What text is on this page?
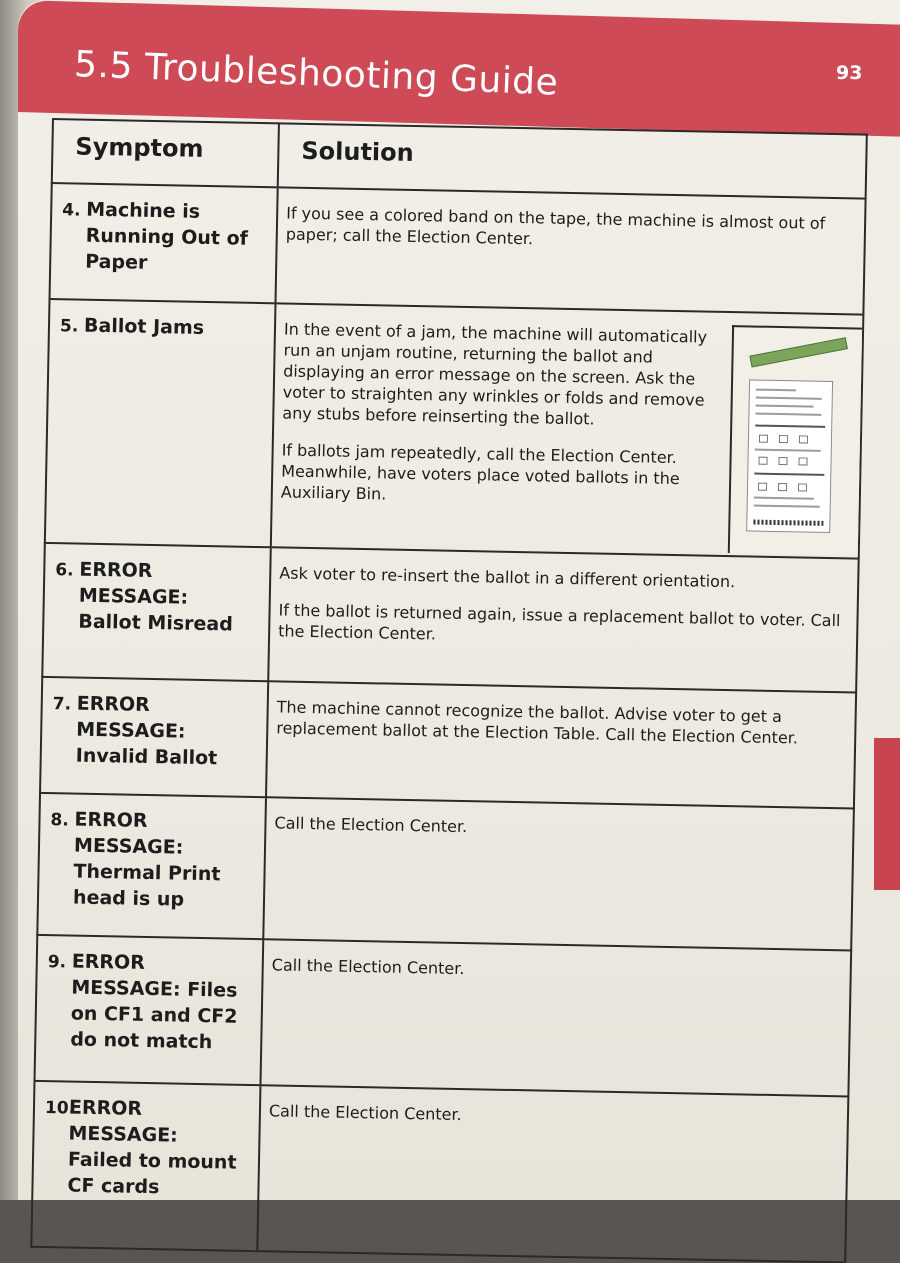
5.5 Troubleshooting Guide	93
Symptom	Solution
4. Machine is Running Out of Paper	If you see a colored band on the tape, the machine is almost out of paper; call the Election Center.

5. Ballot Jams	In the event of a jam, the machine will automatically run an unjam routine, returning the ballot and displaying an error message on the screen. Ask the voter to straighten any wrinkles or folds and remove any stubs before reinserting the ballot.

If ballots jam repeatedly, call the Election Center. Meanwhile, have voters place voted ballots in the Auxiliary Bin.

6. ERROR MESSAGE: Ballot Misread	Ask voter to re-insert the ballot in a different orientation.

If the ballot is returned again, issue a replacement ballot to voter. Call the Election Center.

7. ERROR MESSAGE: Invalid Ballot	The machine cannot recognize the ballot. Advise voter to get a replacement ballot at the Election Table. Call the Election Center.

8. ERROR MESSAGE: Thermal Print head is up	Call the Election Center.

9. ERROR MESSAGE: Files on CF1 and CF2 do not match	Call the Election Center.

10.ERROR MESSAGE: Failed to mount CF cards	Call the Election Center.
